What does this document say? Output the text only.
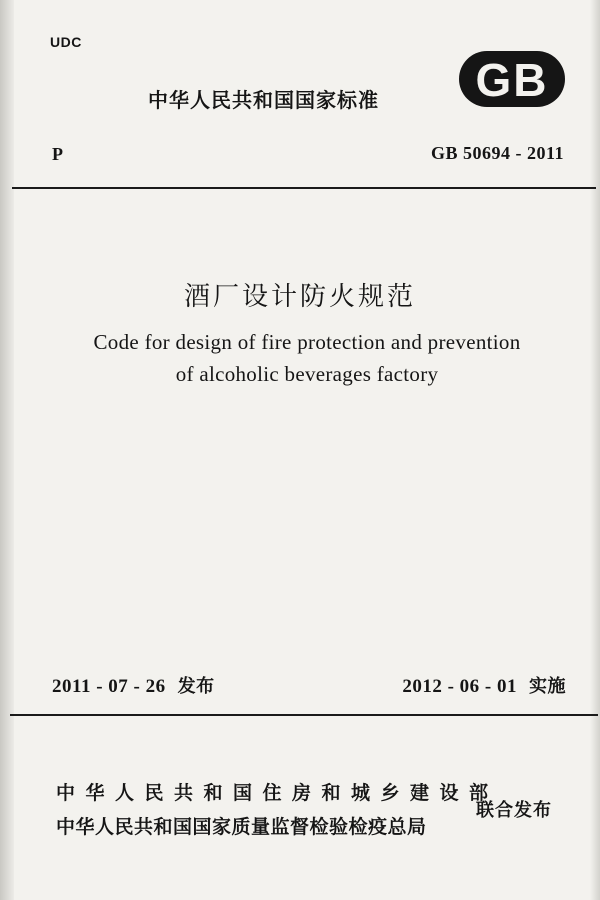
UDC
中华人民共和国国家标准 GB
P	GB 50694 - 2011
酒厂设计防火规范
Code for design of fire protection and prevention
of alcoholic beverages factory
2011 - 07 - 26 发布	2012 - 06 - 01 实施
中华人民共和国住房和城乡建设部
中华人民共和国国家质量监督检验检疫总局
联合发布
